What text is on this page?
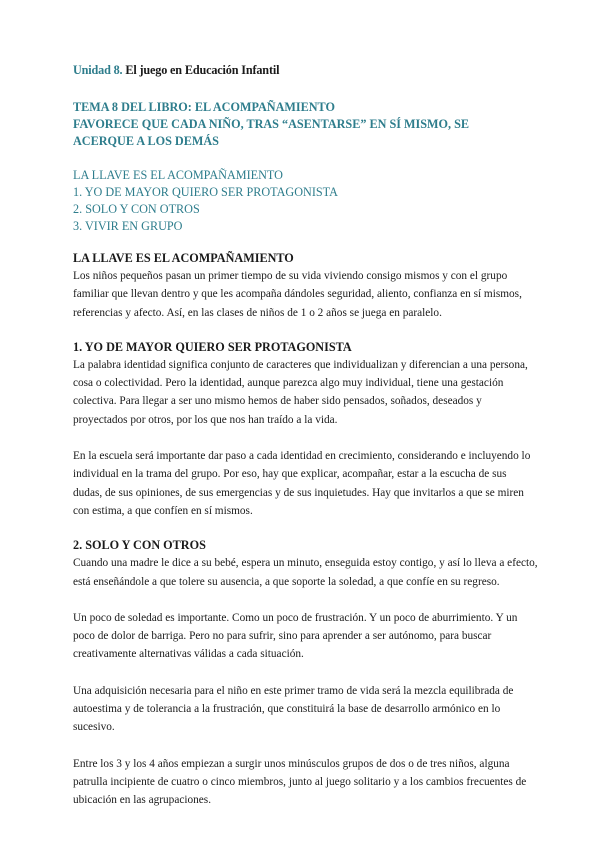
Unidad 8. El juego en Educación Infantil
TEMA 8 DEL LIBRO: EL ACOMPAÑAMIENTO
FAVORECE QUE CADA NIÑO, TRAS “ASENTARSE” EN SÍ MISMO, SE
ACERQUE A LOS DEMÁS
LA LLAVE ES EL ACOMPAÑAMIENTO
1. YO DE MAYOR QUIERO SER PROTAGONISTA
2. SOLO Y CON OTROS
3. VIVIR EN GRUPO
LA LLAVE ES EL ACOMPAÑAMIENTO

Los niños pequeños pasan un primer tiempo de su vida viviendo consigo mismos y con el grupo familiar que llevan dentro y que les acompaña dándoles seguridad, aliento, confianza en sí mismos, referencias y afecto. Así, en las clases de niños de 1 o 2 años se juega en paralelo.

1. YO DE MAYOR QUIERO SER PROTAGONISTA

La palabra identidad significa conjunto de caracteres que individualizan y diferencian a una persona, cosa o colectividad. Pero la identidad, aunque parezca algo muy individual, tiene una gestación colectiva. Para llegar a ser uno mismo hemos de haber sido pensados, soñados, deseados y proyectados por otros, por los que nos han traído a la vida.

En la escuela será importante dar paso a cada identidad en crecimiento, considerando e incluyendo lo individual en la trama del grupo. Por eso, hay que explicar, acompañar, estar a la escucha de sus dudas, de sus opiniones, de sus emergencias y de sus inquietudes. Hay que invitarlos a que se miren con estima, a que confíen en sí mismos.

2. SOLO Y CON OTROS

Cuando una madre le dice a su bebé, espera un minuto, enseguida estoy contigo, y así lo lleva a efecto, está enseñándole a que tolere su ausencia, a que soporte la soledad, a que confíe en su regreso.

Un poco de soledad es importante. Como un poco de frustración. Y un poco de aburrimiento. Y un poco de dolor de barriga. Pero no para sufrir, sino para aprender a ser autónomo, para buscar creativamente alternativas válidas a cada situación.

Una adquisición necesaria para el niño en este primer tramo de vida será la mezcla equilibrada de autoestima y de tolerancia a la frustración, que constituirá la base de desarrollo armónico en lo sucesivo.

Entre los 3 y los 4 años empiezan a surgir unos minúsculos grupos de dos o de tres niños, alguna patrulla incipiente de cuatro o cinco miembros, junto al juego solitario y a los cambios frecuentes de ubicación en las agrupaciones.
